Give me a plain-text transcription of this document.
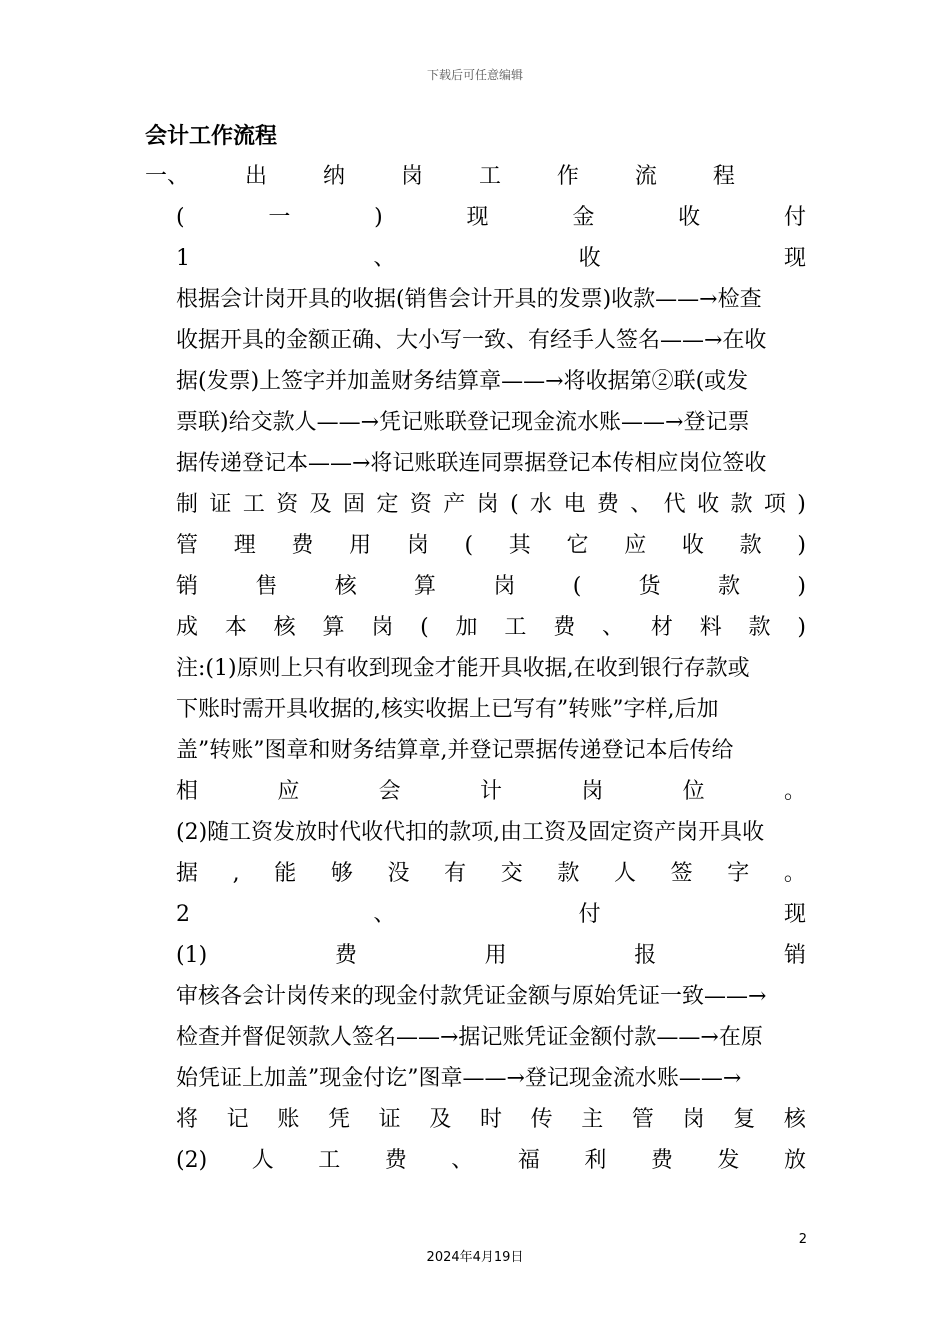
下载后可任意编辑
会计工作流程
一、	出	纳	岗	工	作	流	程
(	一	)	现	金	收	付
1	、	收	现
根据会计岗开具的收据(销售会计开具的发票)收款——→检查
收据开具的金额正确、大小写一致、有经手人签名——→在收
据(发票)上签字并加盖财务结算章——→将收据第②联(或发
票联)给交款人——→凭记账联登记现金流水账——→登记票
据传递登记本——→将记账联连同票据登记本传相应岗位签收
制 证 工 资 及 固 定 资 产 岗 ( 水 电 费 、 代 收 款 项 )
管 理 费 用 岗 ( 其 它 应 收 款 )
销	售	核	算	岗	(	货	款	)
成 本 核 算 岗 ( 加 工 费 、 材 料 款 )
注:(1)原则上只有收到现金才能开具收据,在收到银行存款或
下账时需开具收据的,核实收据上已写有”转账”字样,后加
盖”转账”图章和财务结算章,并登记票据传递登记本后传给
相	应	会	计	岗	位	。
(2)随工资发放时代收代扣的款项,由工资及固定资产岗开具收
据 , 能 够 没 有 交 款 人 签 字 。
2	、	付	现
(1)	费	用	报	销
审核各会计岗传来的现金付款凭证金额与原始凭证一致——→
检查并督促领款人签名——→据记账凭证金额付款——→在原
始凭证上加盖”现金付讫”图章——→登记现金流水账——→
将 记 账 凭 证 及 时 传 主 管 岗 复 核
(2) 人 工 费 、 福 利 费 发 放
2
2024年4月19日
